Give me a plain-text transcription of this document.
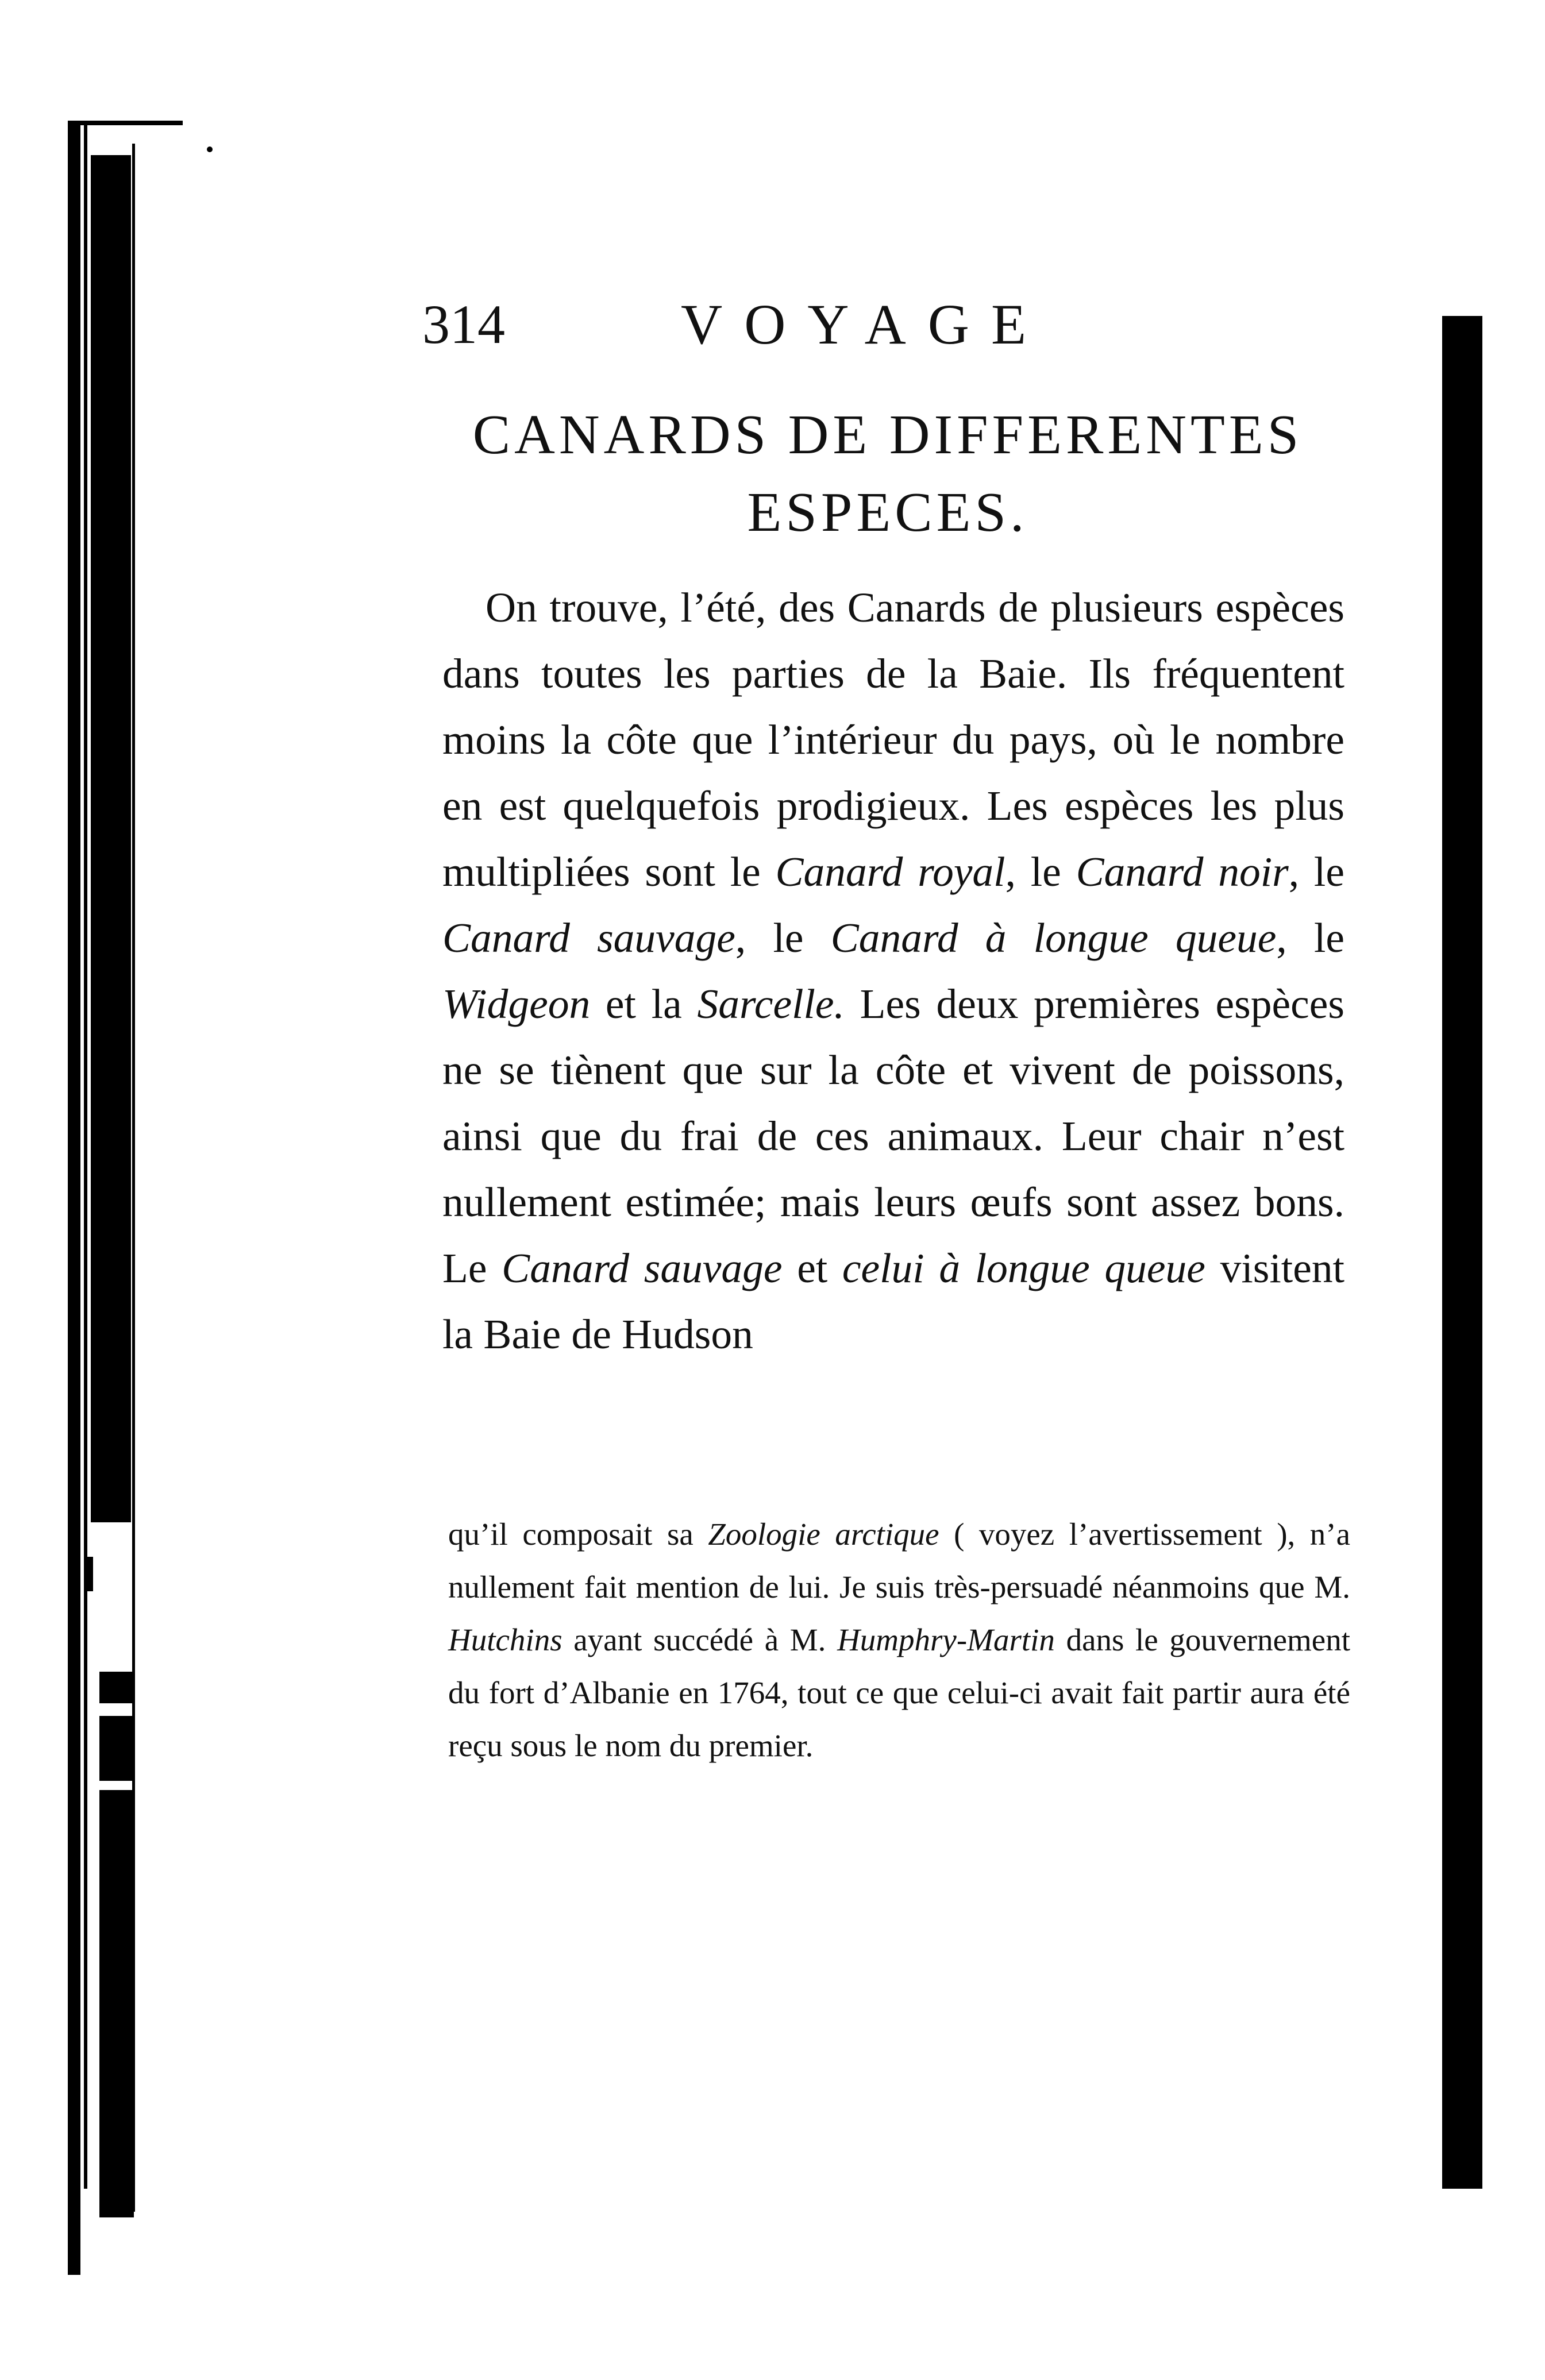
314	VOYAGE
CANARDS DE DIFFERENTES
ESPECES.

On trouve, l’été, des Canards de plusieurs espèces dans toutes les parties de la Baie. Ils fréquentent moins la côte que l’intérieur du pays, où le nombre en est quelquefois prodigieux. Les espèces les plus multipliées sont le Canard royal, le Canard noir, le Canard sauvage, le Canard à longue queue, le Widgeon et la Sarcelle. Les deux premières espèces ne se tiènent que sur la côte et vivent de poissons, ainsi que du frai de ces animaux. Leur chair n’est nullement estimée; mais leurs œufs sont assez bons. Le Canard sauvage et celui à longue queue visitent la Baie de Hudson

qu’il composait sa Zoologie arctique ( voyez l’avertissement ), n’a nullement fait mention de lui. Je suis très-persuadé néanmoins que M. Hutchins ayant succédé à M. Humphry-Martin dans le gouvernement du fort d’Albanie en 1764, tout ce que celui-ci avait fait partir aura été reçu sous le nom du premier.
